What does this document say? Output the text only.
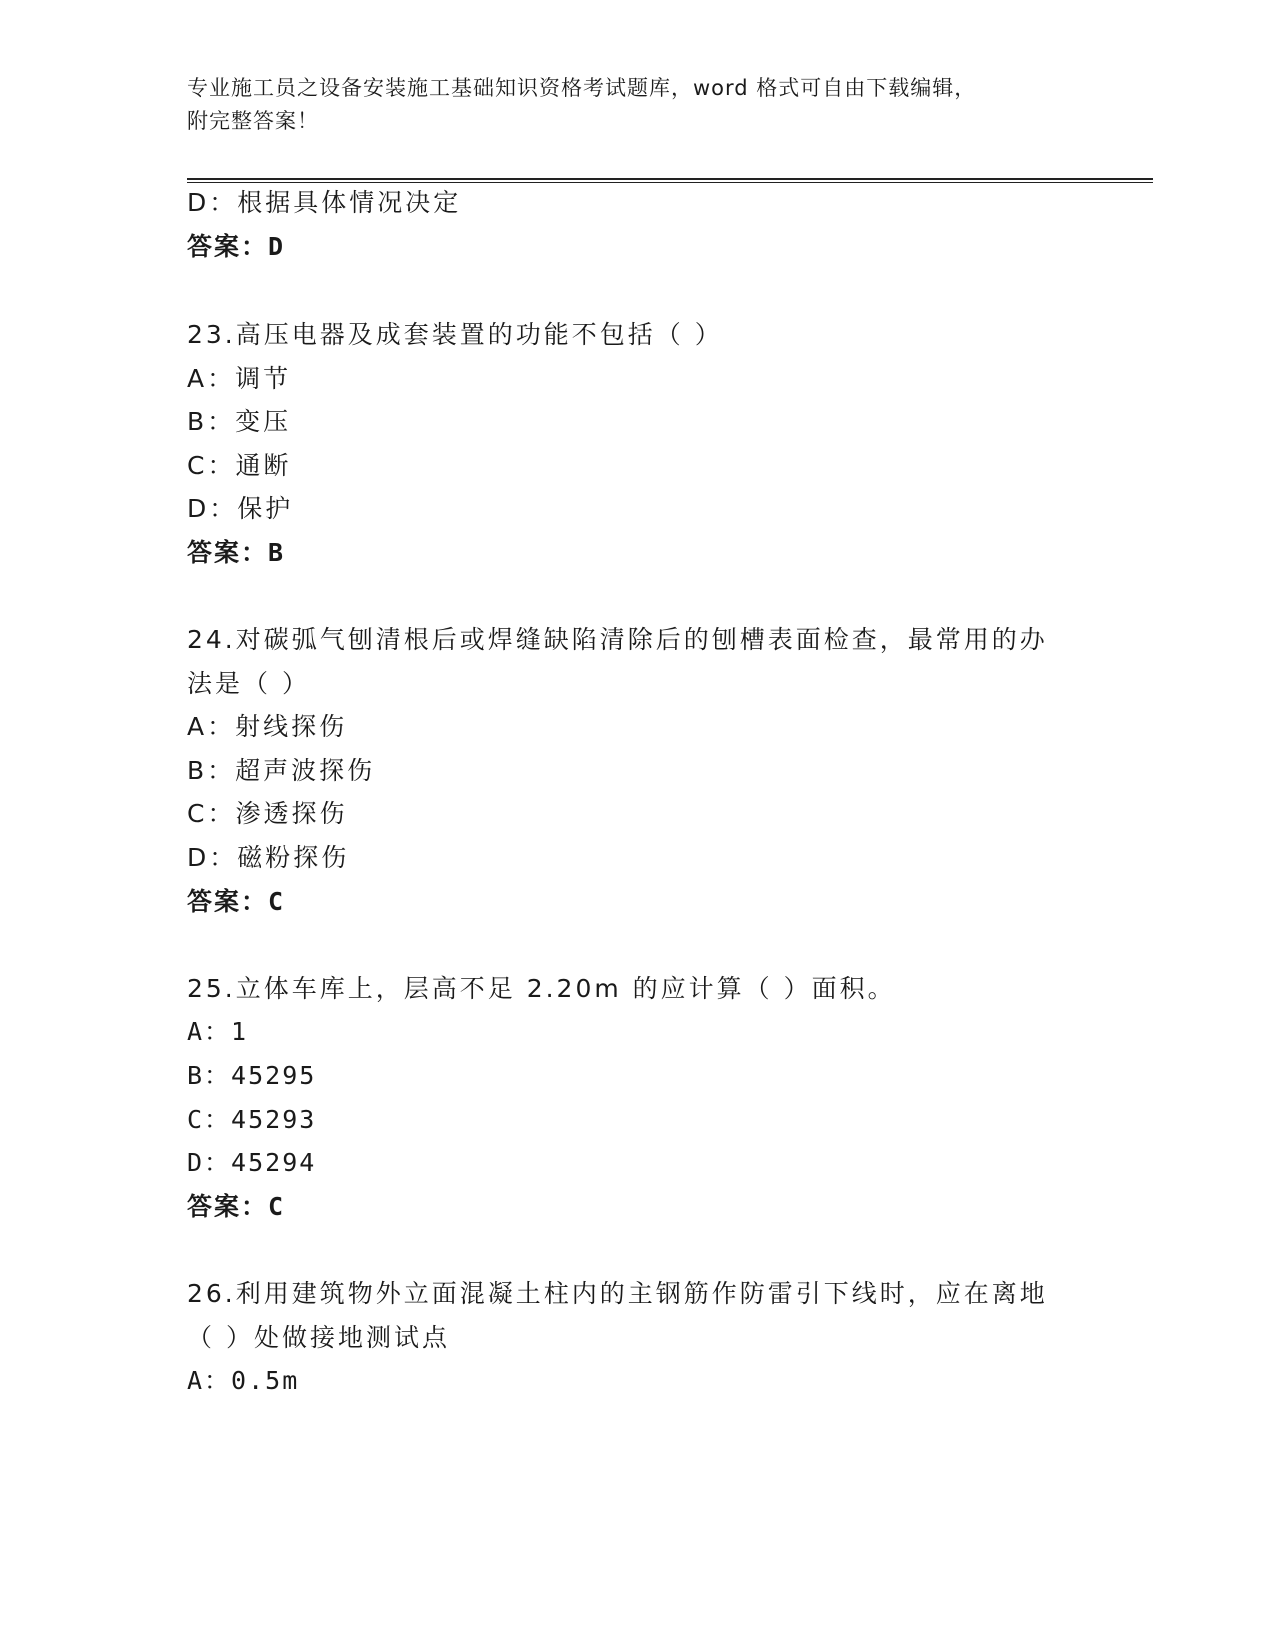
专业施工员之设备安装施工基础知识资格考试题库，word 格式可自由下载编辑，
附完整答案！
D：根据具体情况决定
答案：D
23.高压电器及成套装置的功能不包括（ ）
A：调节
B：变压
C：通断
D：保护
答案：B
24.对碳弧气刨清根后或焊缝缺陷清除后的刨槽表面检查，最常用的办
法是（ ）
A：射线探伤
B：超声波探伤
C：渗透探伤
D：磁粉探伤
答案：C
25.立体车库上，层高不足 2.20m 的应计算（ ）面积。
A：1
B：45295
C：45293
D：45294
答案：C
26.利用建筑物外立面混凝土柱内的主钢筋作防雷引下线时，应在离地
（ ）处做接地测试点
A：0.5m
